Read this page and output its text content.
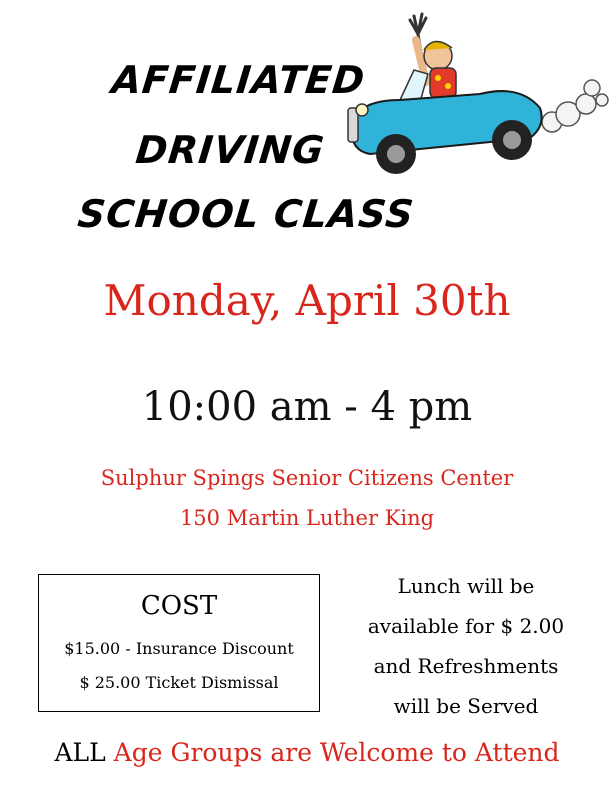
AFFILIATED
DRIVING
SCHOOL CLASS
Monday, April 30th
10:00 am - 4 pm
Sulphur Spings Senior Citizens Center
150 Martin Luther King
COST
$15.00 - Insurance Discount
$ 25.00 Ticket Dismissal
Lunch will be
available for $ 2.00
and Refreshments
will be Served
ALL Age Groups are Welcome to Attend
